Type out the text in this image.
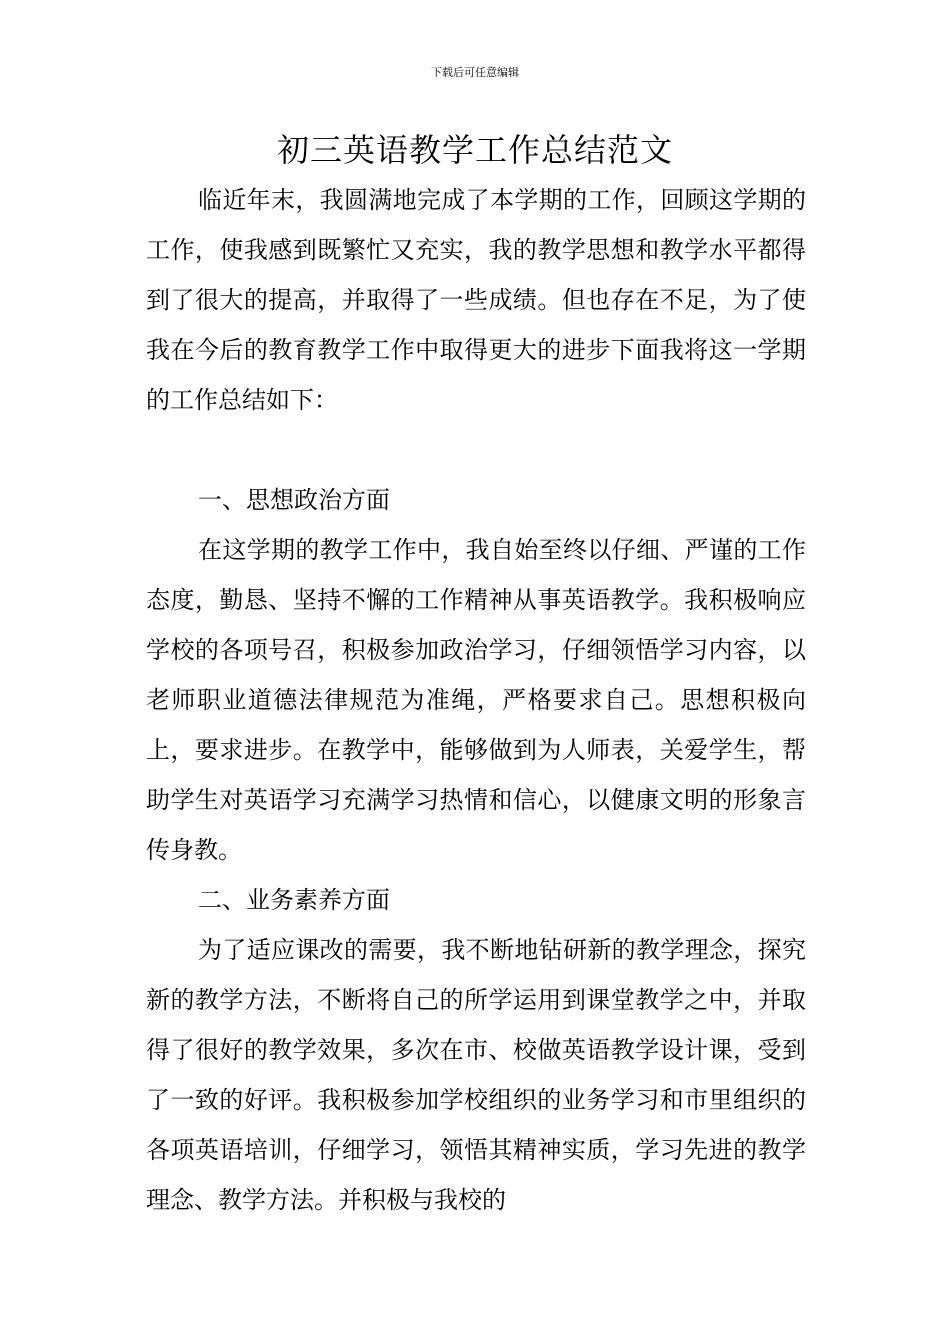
下载后可任意编辑
初三英语教学工作总结范文

临近年末，我圆满地完成了本学期的工作，回顾这学期的工作，使我感到既繁忙又充实，我的教学思想和教学水平都得到了很大的提高，并取得了一些成绩。但也存在不足，为了使我在今后的教育教学工作中取得更大的进步下面我将这一学期的工作总结如下：

一、思想政治方面

在这学期的教学工作中，我自始至终以仔细、严谨的工作态度，勤恳、坚持不懈的工作精神从事英语教学。我积极响应学校的各项号召，积极参加政治学习，仔细领悟学习内容，以老师职业道德法律规范为准绳，严格要求自己。思想积极向上，要求进步。在教学中，能够做到为人师表，关爱学生，帮助学生对英语学习充满学习热情和信心，以健康文明的形象言传身教。

二、业务素养方面

为了适应课改的需要，我不断地钻研新的教学理念，探究新的教学方法，不断将自己的所学运用到课堂教学之中，并取得了很好的教学效果，多次在市、校做英语教学设计课，受到了一致的好评。我积极参加学校组织的业务学习和市里组织的各项英语培训，仔细学习，领悟其精神实质，学习先进的教学理念、教学方法。并积极与我校的
